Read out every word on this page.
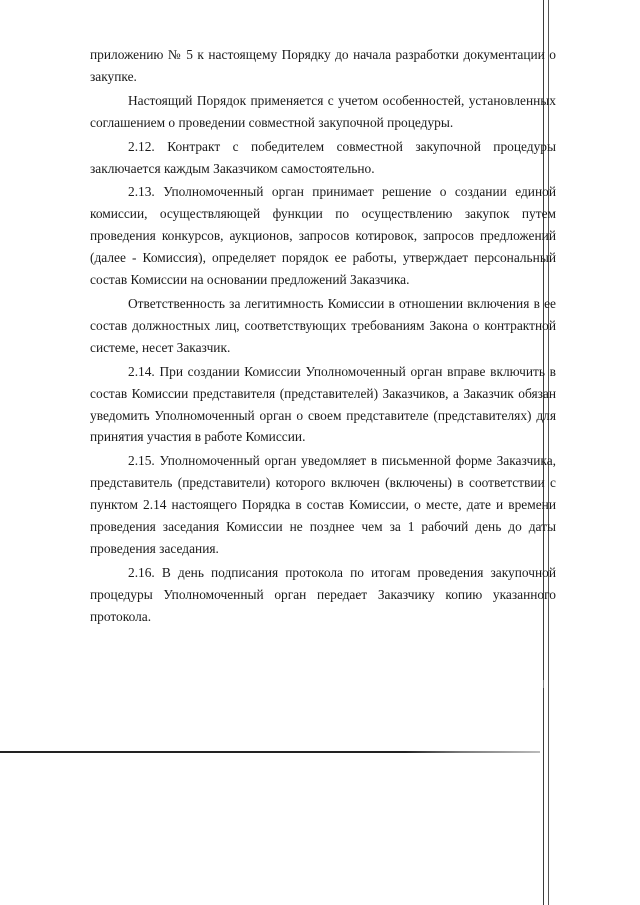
приложению № 5 к настоящему Порядку до начала разработки документации о закупке.

Настоящий Порядок применяется с учетом особенностей, установленных соглашением о проведении совместной закупочной процедуры.

2.12. Контракт с победителем совместной закупочной процедуры заключается каждым Заказчиком самостоятельно.

2.13. Уполномоченный орган принимает решение о создании единой комиссии, осуществляющей функции по осуществлению закупок путем проведения конкурсов, аукционов, запросов котировок, запросов предложений (далее - Комиссия), определяет порядок ее работы, утверждает персональный состав Комиссии на основании предложений Заказчика.

Ответственность за легитимность Комиссии в отношении включения в ее состав должностных лиц, соответствующих требованиям Закона о контрактной системе, несет Заказчик.

2.14. При создании Комиссии Уполномоченный орган вправе включить в состав Комиссии представителя (представителей) Заказчиков, а Заказчик обязан уведомить Уполномоченный орган о своем представителе (представителях) для принятия участия в работе Комиссии.

2.15. Уполномоченный орган уведомляет в письменной форме Заказчика, представитель (представители) которого включен (включены) в соответствии с пунктом 2.14 настоящего Порядка в состав Комиссии, о месте, дате и времени проведения заседания Комиссии не позднее чем за 1 рабочий день до даты проведения заседания.

2.16. В день подписания протокола по итогам проведения закупочной процедуры Уполномоченный орган передает Заказчику копию указанного протокола.
